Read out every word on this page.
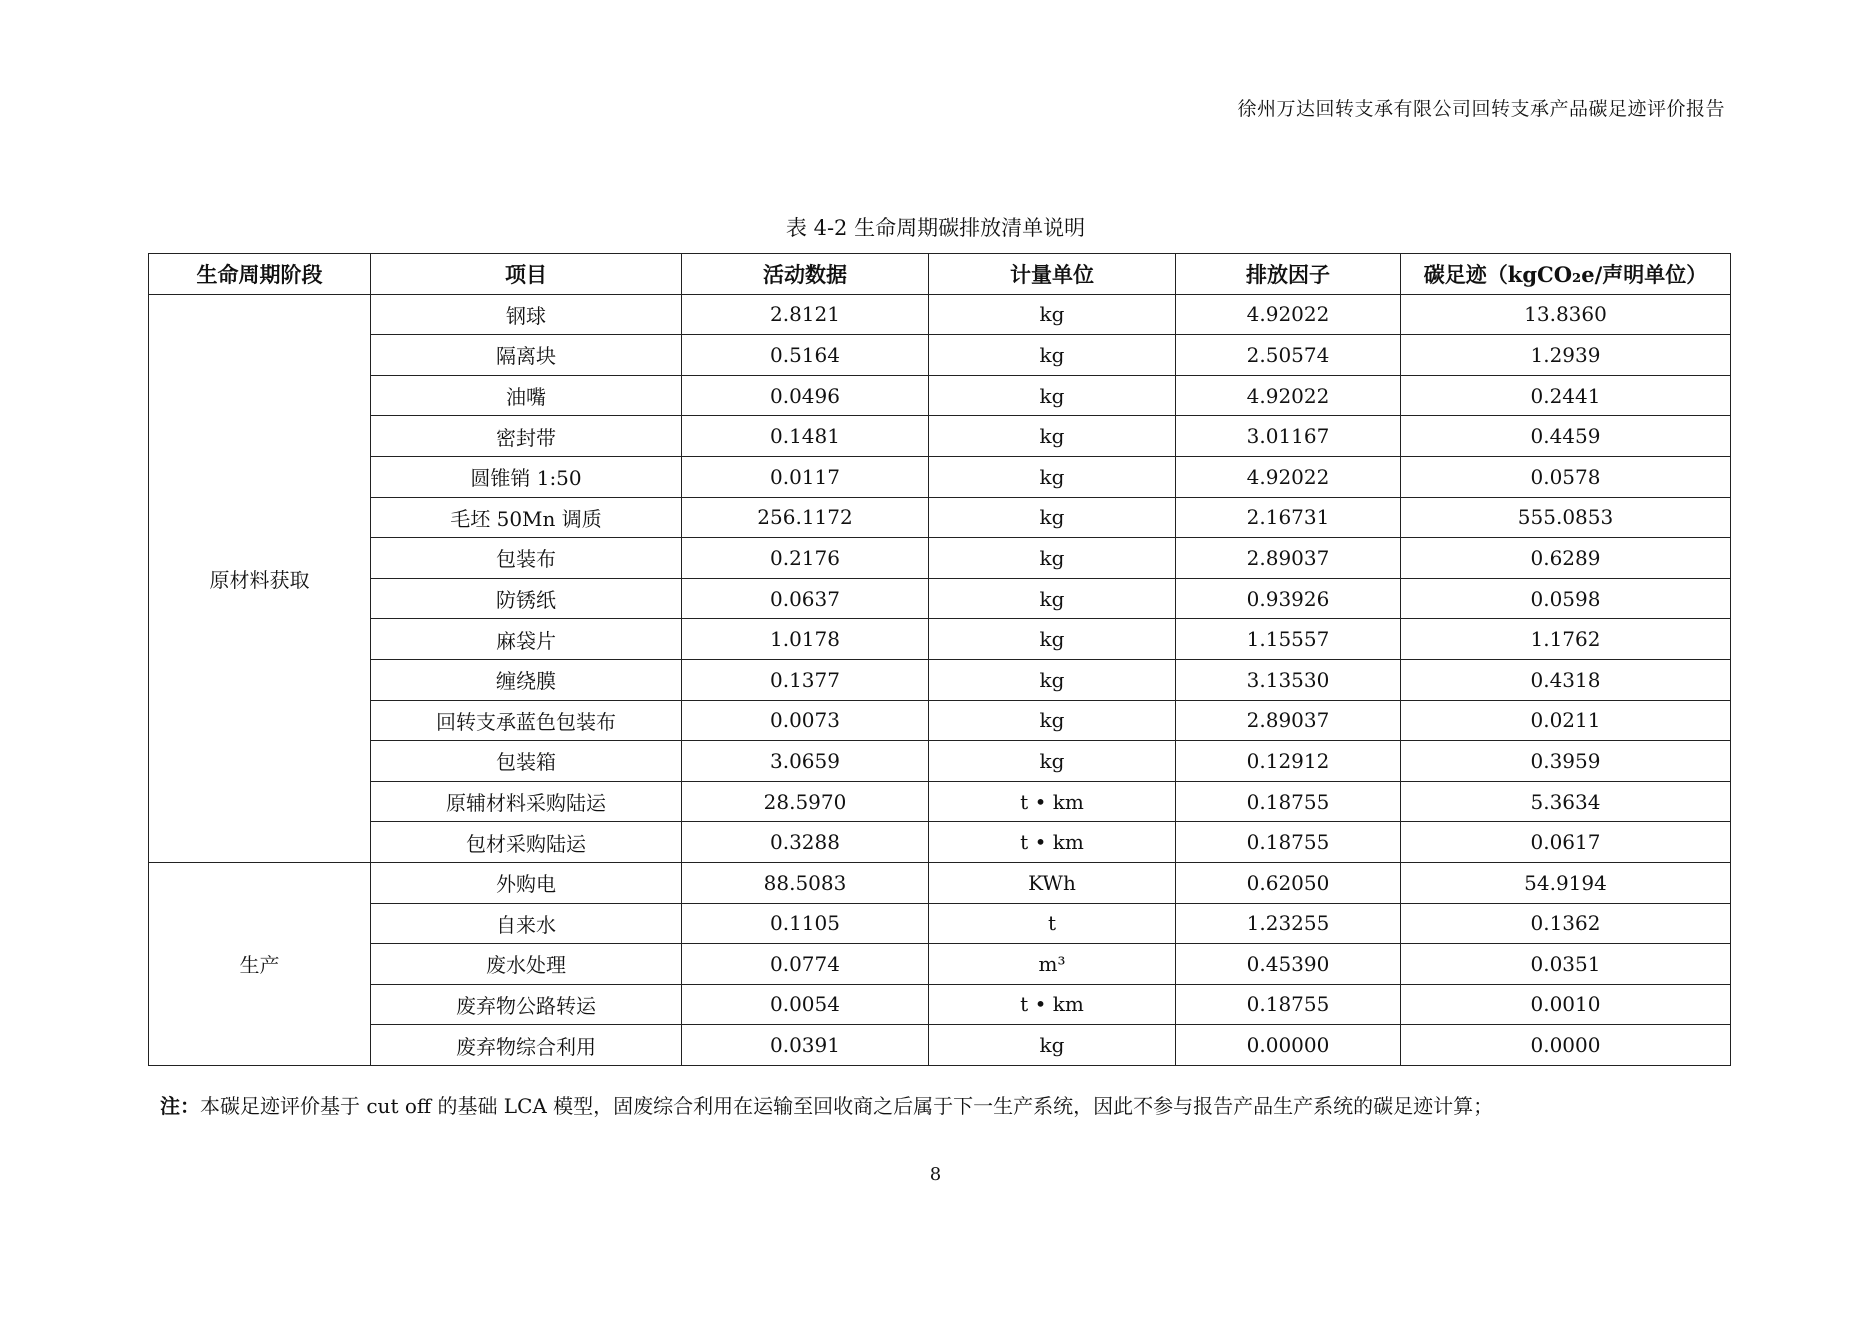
徐州万达回转支承有限公司回转支承产品碳足迹评价报告
表 4-2 生命周期碳排放清单说明
生命周期阶段	项目	活动数据	计量单位	排放因子	碳足迹（kgCO₂e/声明单位）
原材料获取	钢球	2.8121	kg	4.92022	13.8360
	隔离块	0.5164	kg	2.50574	1.2939
	油嘴	0.0496	kg	4.92022	0.2441
	密封带	0.1481	kg	3.01167	0.4459
	圆锥销 1:50	0.0117	kg	4.92022	0.0578
	毛坯 50Mn 调质	256.1172	kg	2.16731	555.0853
	包装布	0.2176	kg	2.89037	0.6289
	防锈纸	0.0637	kg	0.93926	0.0598
	麻袋片	1.0178	kg	1.15557	1.1762
	缠绕膜	0.1377	kg	3.13530	0.4318
	回转支承蓝色包装布	0.0073	kg	2.89037	0.0211
	包装箱	3.0659	kg	0.12912	0.3959
	原辅材料采购陆运	28.5970	t • km	0.18755	5.3634
	包材采购陆运	0.3288	t • km	0.18755	0.0617
生产	外购电	88.5083	KWh	0.62050	54.9194
	自来水	0.1105	t	1.23255	0.1362
	废水处理	0.0774	m³	0.45390	0.0351
	废弃物公路转运	0.0054	t • km	0.18755	0.0010
	废弃物综合利用	0.0391	kg	0.00000	0.0000
注：本碳足迹评价基于 cut off 的基础 LCA 模型，固废综合利用在运输至回收商之后属于下一生产系统，因此不参与报告产品生产系统的碳足迹计算；
8
